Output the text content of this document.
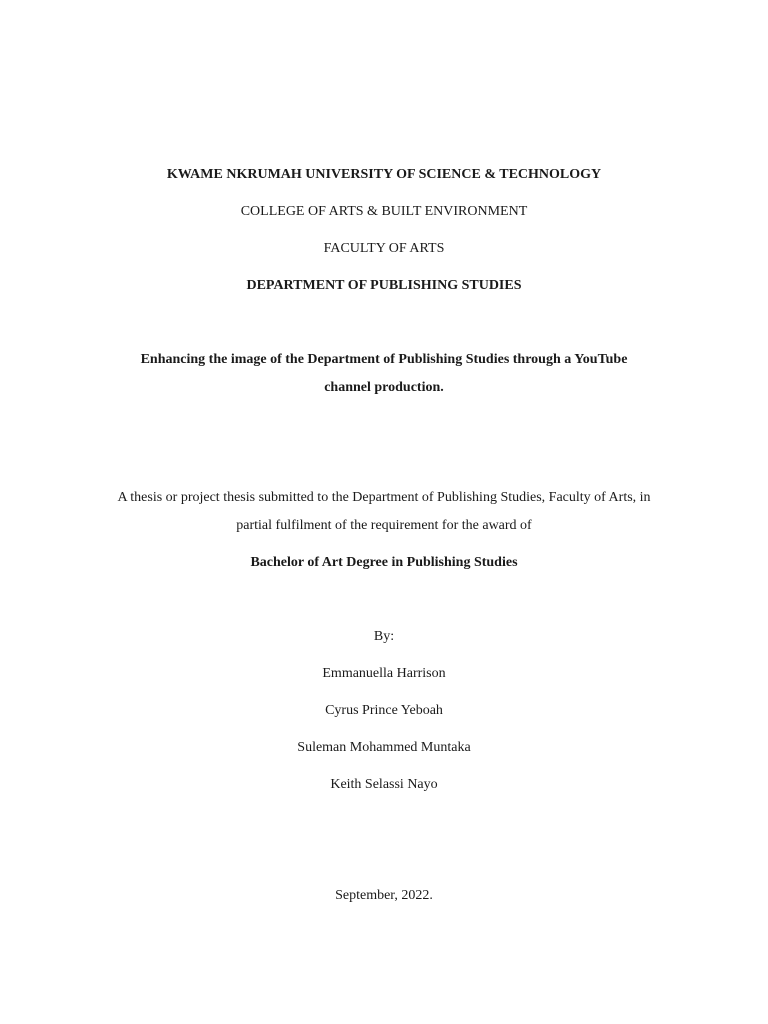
KWAME NKRUMAH UNIVERSITY OF SCIENCE & TECHNOLOGY
COLLEGE OF ARTS & BUILT ENVIRONMENT
FACULTY OF ARTS
DEPARTMENT OF PUBLISHING STUDIES
Enhancing the image of the Department of Publishing Studies through a YouTube
channel production.
A thesis or project thesis submitted to the Department of Publishing Studies, Faculty of Arts, in
partial fulfilment of the requirement for the award of
Bachelor of Art Degree in Publishing Studies
By:
Emmanuella Harrison
Cyrus Prince Yeboah
Suleman Mohammed Muntaka
Keith Selassi Nayo
September, 2022.
